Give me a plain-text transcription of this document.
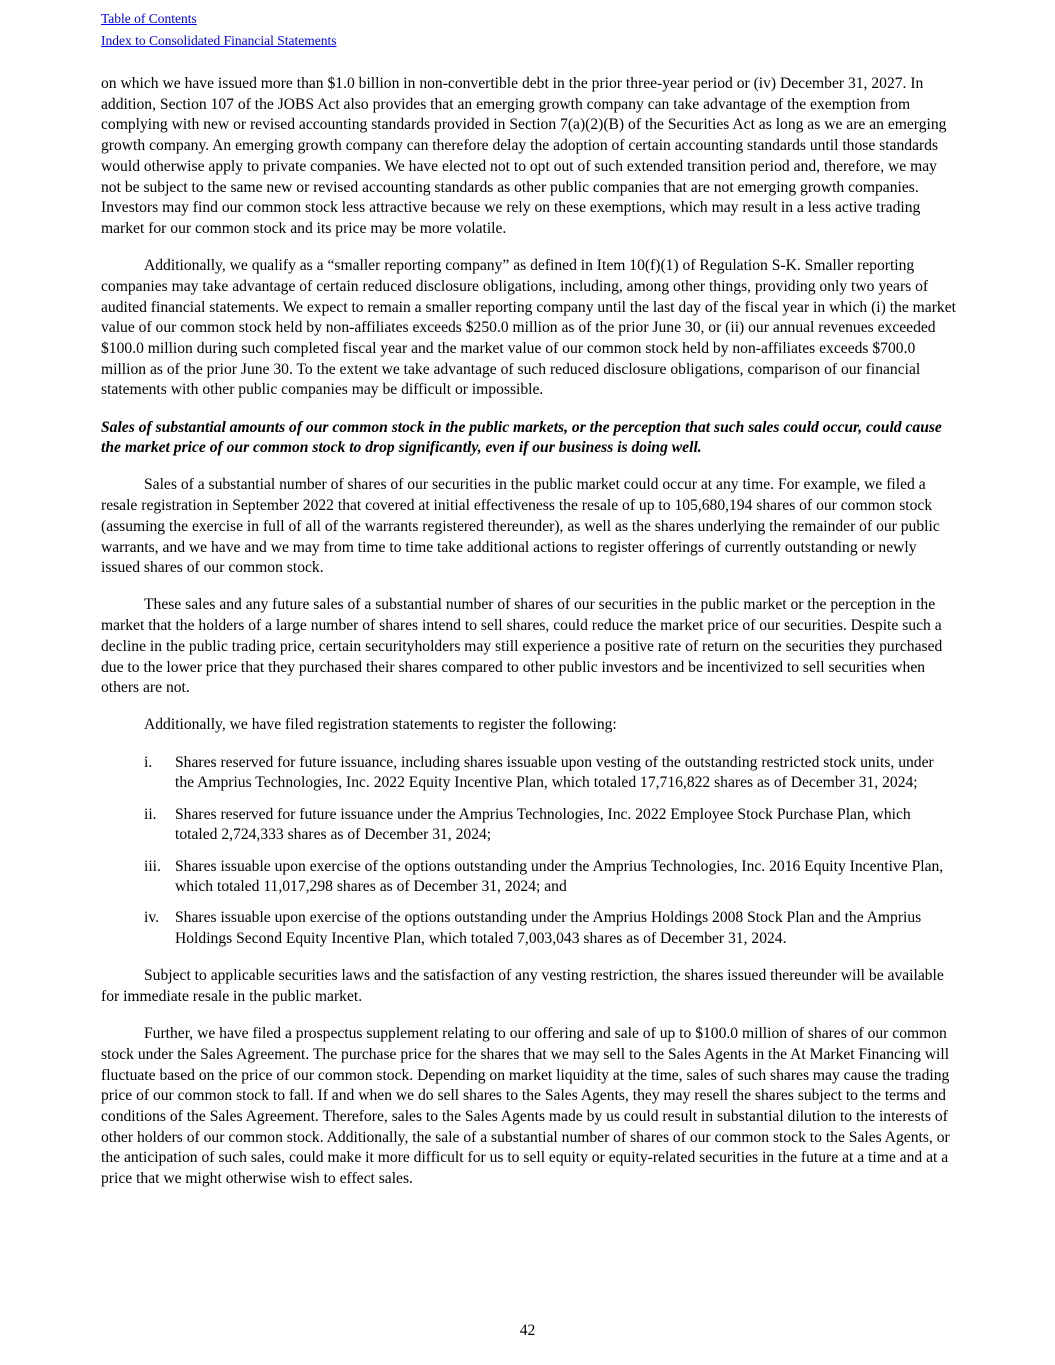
Table of Contents
Index to Consolidated Financial Statements

on which we have issued more than $1.0 billion in non-convertible debt in the prior three-year period or (iv) December 31, 2027. In addition, Section 107 of the JOBS Act also provides that an emerging growth company can take advantage of the exemption from complying with new or revised accounting standards provided in Section 7(a)(2)(B) of the Securities Act as long as we are an emerging growth company. An emerging growth company can therefore delay the adoption of certain accounting standards until those standards would otherwise apply to private companies. We have elected not to opt out of such extended transition period and, therefore, we may not be subject to the same new or revised accounting standards as other public companies that are not emerging growth companies. Investors may find our common stock less attractive because we rely on these exemptions, which may result in a less active trading market for our common stock and its price may be more volatile.

Additionally, we qualify as a “smaller reporting company” as defined in Item 10(f)(1) of Regulation S-K. Smaller reporting companies may take advantage of certain reduced disclosure obligations, including, among other things, providing only two years of audited financial statements. We expect to remain a smaller reporting company until the last day of the fiscal year in which (i) the market value of our common stock held by non-affiliates exceeds $250.0 million as of the prior June 30, or (ii) our annual revenues exceeded $100.0 million during such completed fiscal year and the market value of our common stock held by non-affiliates exceeds $700.0 million as of the prior June 30. To the extent we take advantage of such reduced disclosure obligations, comparison of our financial statements with other public companies may be difficult or impossible.

Sales of substantial amounts of our common stock in the public markets, or the perception that such sales could occur, could cause the market price of our common stock to drop significantly, even if our business is doing well.

Sales of a substantial number of shares of our securities in the public market could occur at any time. For example, we filed a resale registration in September 2022 that covered at initial effectiveness the resale of up to 105,680,194 shares of our common stock (assuming the exercise in full of all of the warrants registered thereunder), as well as the shares underlying the remainder of our public warrants, and we have and we may from time to time take additional actions to register offerings of currently outstanding or newly issued shares of our common stock.

These sales and any future sales of a substantial number of shares of our securities in the public market or the perception in the market that the holders of a large number of shares intend to sell shares, could reduce the market price of our securities. Despite such a decline in the public trading price, certain securityholders may still experience a positive rate of return on the securities they purchased due to the lower price that they purchased their shares compared to other public investors and be incentivized to sell securities when others are not.

Additionally, we have filed registration statements to register the following:

i. Shares reserved for future issuance, including shares issuable upon vesting of the outstanding restricted stock units, under the Amprius Technologies, Inc. 2022 Equity Incentive Plan, which totaled 17,716,822 shares as of December 31, 2024;
ii. Shares reserved for future issuance under the Amprius Technologies, Inc. 2022 Employee Stock Purchase Plan, which totaled 2,724,333 shares as of December 31, 2024;
iii. Shares issuable upon exercise of the options outstanding under the Amprius Technologies, Inc. 2016 Equity Incentive Plan, which totaled 11,017,298 shares as of December 31, 2024; and
iv. Shares issuable upon exercise of the options outstanding under the Amprius Holdings 2008 Stock Plan and the Amprius Holdings Second Equity Incentive Plan, which totaled 7,003,043 shares as of December 31, 2024.

Subject to applicable securities laws and the satisfaction of any vesting restriction, the shares issued thereunder will be available for immediate resale in the public market.

Further, we have filed a prospectus supplement relating to our offering and sale of up to $100.0 million of shares of our common stock under the Sales Agreement. The purchase price for the shares that we may sell to the Sales Agents in the At Market Financing will fluctuate based on the price of our common stock. Depending on market liquidity at the time, sales of such shares may cause the trading price of our common stock to fall. If and when we do sell shares to the Sales Agents, they may resell the shares subject to the terms and conditions of the Sales Agreement. Therefore, sales to the Sales Agents made by us could result in substantial dilution to the interests of other holders of our common stock. Additionally, the sale of a substantial number of shares of our common stock to the Sales Agents, or the anticipation of such sales, could make it more difficult for us to sell equity or equity-related securities in the future at a time and at a price that we might otherwise wish to effect sales.

42
